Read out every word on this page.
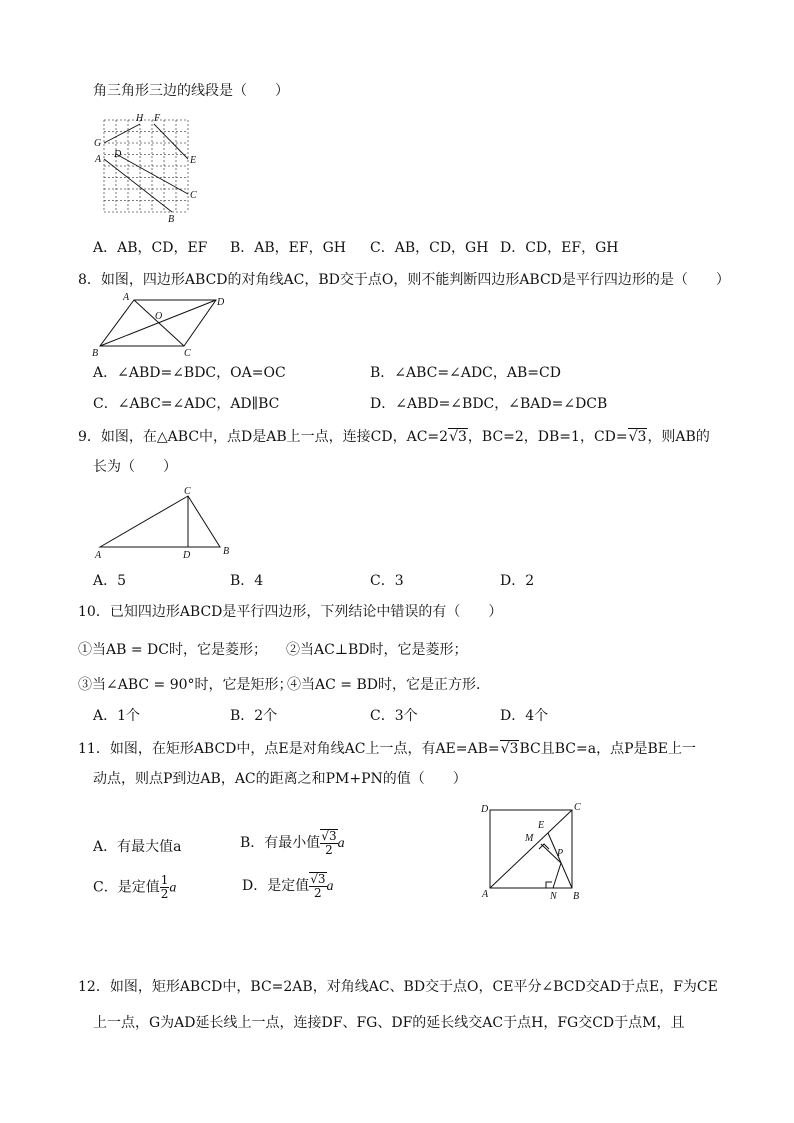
角三角形三边的线段是（　　）
G
H F
A D
E
C
B
A．AB，CD，EF B．AB，EF，GH C．AB，CD，GH D．CD，EF，GH
8．如图，四边形ABCD的对角线AC，BD交于点O，则不能判断四边形ABCD是平行四边形的是（　　）
A	D
O
B	C
A．∠ABD=∠BDC，OA=OC	B．∠ABC=∠ADC，AB=CD
C．∠ABC=∠ADC，AD∥BC	D．∠ABD=∠BDC，∠BAD=∠DCB
9．如图，在△ABC中，点D是AB上一点，连接CD，AC=2√3，BC=2，DB=1，CD=√3，则AB的
长为（　　）
C
A	D	B
A．5	B．4	C．3	D．2
10．已知四边形ABCD是平行四边形，下列结论中错误的有（　　）
①当AB = DC时，它是菱形； ②当AC⊥BD时，它是菱形；
③当∠ABC = 90°时，它是矩形；
④当AC = BD时，它是正方形．
A．1个	B．2个	C．3个	D．4个
11．如图，在矩形ABCD中，点E是对角线AC上一点，有AE=AB=√3BC且BC=a，点P是BE上一
动点，则点P到边AB，AC的距离之和PM+PN的值（　　）
A．有最大值a	B．有最小值 $\frac{√3}{2}$ a
C．是定值 $\frac{1}{2}$ a	D．是定值 $\frac{√3}{2}$ a
D	C
E
M
P
A	N B
12．如图，矩形ABCD中，BC=2AB，对角线AC、BD交于点O，CE平分∠BCD交AD于点E，F为CE
上一点，G为AD延长线上一点，连接DF、FG、DF的延长线交AC于点H，FG交CD于点M，且
